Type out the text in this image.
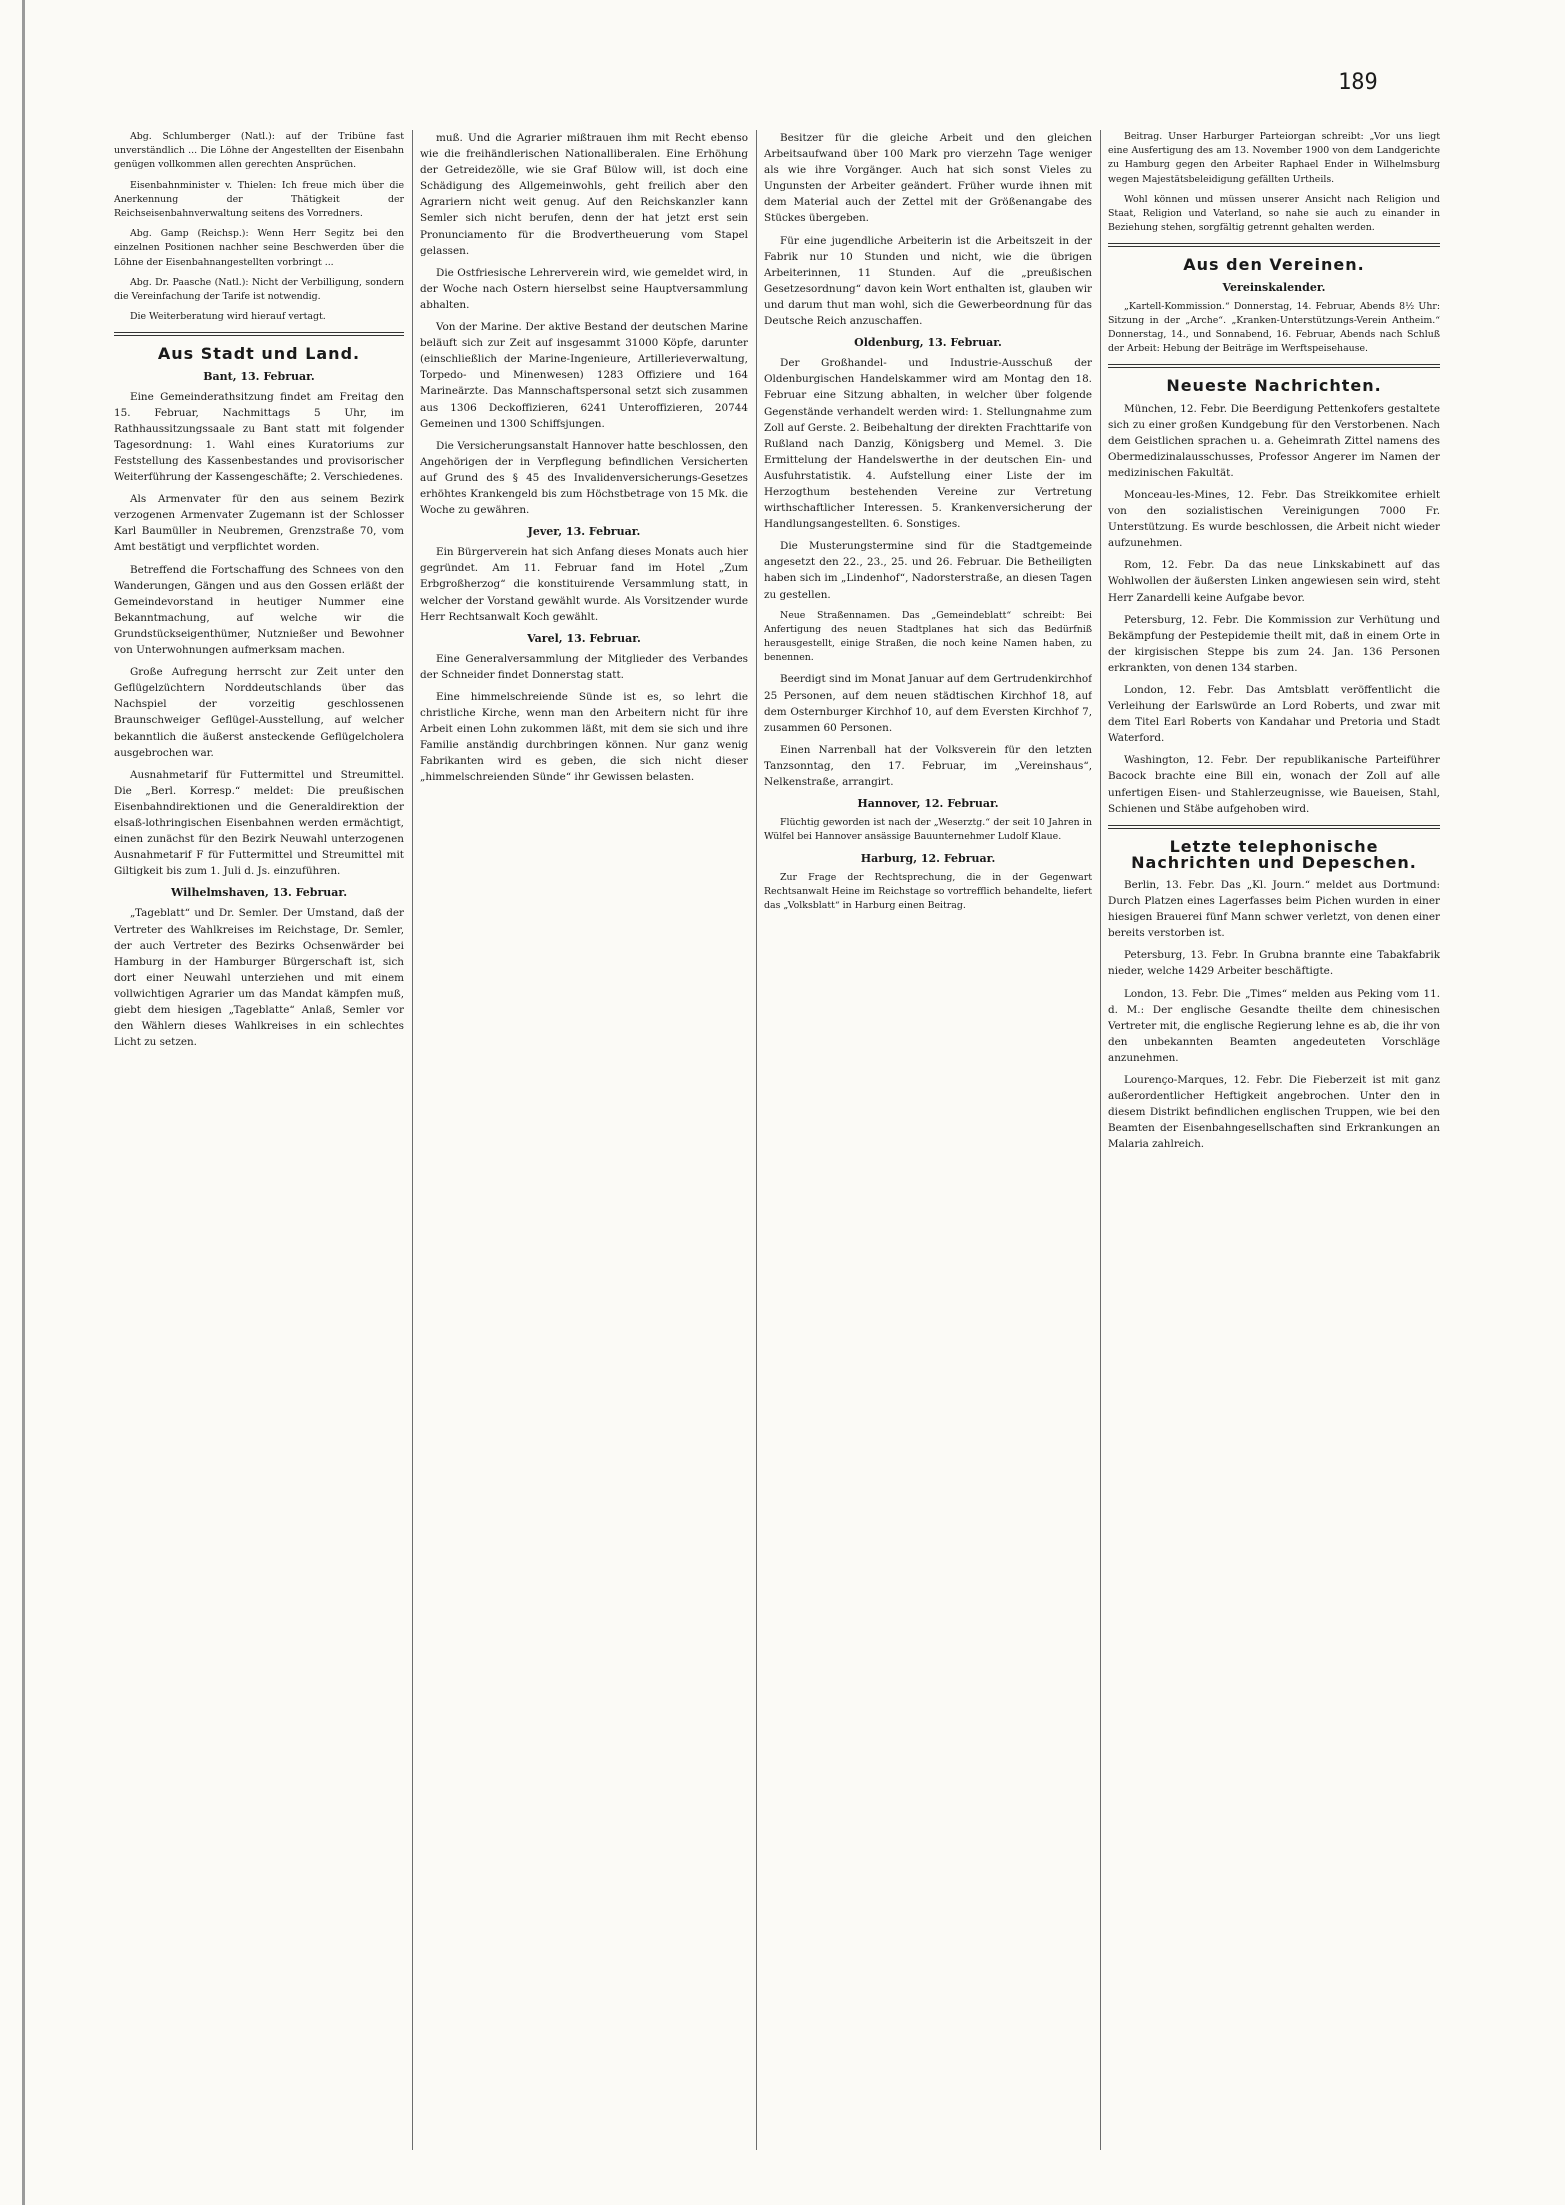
189

Abg. Schlumberger (Natl.): auf der Tribüne fast unverständlich ... Die Löhne der Angestellten der Eisenbahn genügen vollkommen allen gerechten Ansprüchen.

Eisenbahnminister v. Thielen: Ich freue mich über die Anerkennung der Thätigkeit der Reichseisenbahnverwaltung seitens des Vorredners.

Abg. Gamp (Reichsp.): Wenn Herr Segitz bei den einzelnen Positionen nachher seine Beschwerden über die Löhne der Eisenbahnangestellten vorbringt ...

Abg. Dr. Paasche (Natl.): Nicht der Verbilligung, sondern die Vereinfachung der Tarife ist notwendig.

Die Weiterberatung wird hierauf vertagt.

Aus Stadt und Land.
Bant, 13. Februar.

Eine Gemeinderathsitzung findet am Freitag den 15. Februar, Nachmittags 5 Uhr, im Rathhaussitzungssaale zu Bant statt mit folgender Tagesordnung: 1. Wahl eines Kuratoriums zur Feststellung des Kassenbestandes und provisorischer Weiterführung der Kassengeschäfte; 2. Verschiedenes.

Als Armenvater für den aus seinem Bezirk verzogenen Armenvater Zugemann ist der Schlosser Karl Baumüller in Neubremen, Grenzstraße 70, vom Amt bestätigt und verpflichtet worden.

Betreffend die Fortschaffung des Schnees von den Wanderungen, Gängen und aus den Gossen erläßt der Gemeindevorstand in heutiger Nummer eine Bekanntmachung, auf welche wir die Grundstückseigenthümer, Nutznießer und Bewohner von Unterwohnungen aufmerksam machen.

Große Aufregung herrscht zur Zeit unter den Geflügelzüchtern Norddeutschlands über das Nachspiel der vorzeitig geschlossenen Braunschweiger Geflügel-Ausstellung, auf welcher bekanntlich die äußerst ansteckende Geflügelcholera ausgebrochen war.

Ausnahmetarif für Futtermittel und Streumittel. Die „Berl. Korresp.“ meldet: Die preußischen Eisenbahndirektionen und die Generaldirektion der elsaß-lothringischen Eisenbahnen werden ermächtigt, einen zunächst für den Bezirk Neuwahl unterzogenen Ausnahmetarif F für Futtermittel und Streumittel mit Giltigkeit bis zum 1. Juli d. Js. einzuführen.

Wilhelmshaven, 13. Februar.

„Tageblatt“ und Dr. Semler. Der Umstand, daß der Vertreter des Wahlkreises im Reichstage, Dr. Semler, der auch Vertreter des Bezirks Ochsenwärder bei Hamburg in der Hamburger Bürgerschaft ist, sich dort einer Neuwahl unterziehen und mit einem vollwichtigen Agrarier um das Mandat kämpfen muß, giebt dem hiesigen „Tageblatte“ Anlaß, Semler vor den Wählern dieses Wahlkreises in ein schlechtes Licht zu setzen.

muß. Und die Agrarier mißtrauen ihm mit Recht ebenso wie die freihändlerischen Nationalliberalen. Eine Erhöhung der Getreidezölle, wie sie Graf Bülow will, ist doch eine Schädigung des Allgemeinwohls, geht freilich aber den Agrariern nicht weit genug. Auf den Reichskanzler kann Semler sich nicht berufen, denn der hat jetzt erst sein Pronunciamento für die Brodvertheuerung vom Stapel gelassen.

Die Ostfriesische Lehrerverein wird, wie gemeldet wird, in der Woche nach Ostern hierselbst seine Hauptversammlung abhalten.

Von der Marine. Der aktive Bestand der deutschen Marine beläuft sich zur Zeit auf insgesammt 31000 Köpfe, darunter (einschließlich der Marine-Ingenieure, Artillerieverwaltung, Torpedo- und Minenwesen) 1283 Offiziere und 164 Marineärzte. Das Mannschaftspersonal setzt sich zusammen aus 1306 Deckoffizieren, 6241 Unteroffizieren, 20744 Gemeinen und 1300 Schiffsjungen.

Die Versicherungsanstalt Hannover hatte beschlossen, den Angehörigen der in Verpflegung befindlichen Versicherten auf Grund des § 45 des Invalidenversicherungs-Gesetzes erhöhtes Krankengeld bis zum Höchstbetrage von 15 Mk. die Woche zu gewähren.

Jever, 13. Februar.

Ein Bürgerverein hat sich Anfang dieses Monats auch hier gegründet. Am 11. Februar fand im Hotel „Zum Erbgroßherzog“ die konstituirende Versammlung statt, in welcher der Vorstand gewählt wurde. Als Vorsitzender wurde Herr Rechtsanwalt Koch gewählt.

Varel, 13. Februar.

Eine Generalversammlung der Mitglieder des Verbandes der Schneider findet Donnerstag statt.

Eine himmelschreiende Sünde ist es, so lehrt die christliche Kirche, wenn man den Arbeitern nicht für ihre Arbeit einen Lohn zukommen läßt, mit dem sie sich und ihre Familie anständig durchbringen können. Nur ganz wenig Fabrikanten wird es geben, die sich nicht dieser „himmelschreienden Sünde“ ihr Gewissen belasten.

Besitzer für die gleiche Arbeit und den gleichen Arbeitsaufwand über 100 Mark pro vierzehn Tage weniger als wie ihre Vorgänger. Auch hat sich sonst Vieles zu Ungunsten der Arbeiter geändert. Früher wurde ihnen mit dem Material auch der Zettel mit der Größenangabe des Stückes übergeben.

Für eine jugendliche Arbeiterin ist die Arbeitszeit in der Fabrik nur 10 Stunden und nicht, wie die übrigen Arbeiterinnen, 11 Stunden. Auf die „preußischen Gesetzesordnung“ davon kein Wort enthalten ist, glauben wir und darum thut man wohl, sich die Gewerbeordnung für das Deutsche Reich anzuschaffen.

Oldenburg, 13. Februar.

Der Großhandel- und Industrie-Ausschuß der Oldenburgischen Handelskammer wird am Montag den 18. Februar eine Sitzung abhalten, in welcher über folgende Gegenstände verhandelt werden wird: 1. Stellungnahme zum Zoll auf Gerste. 2. Beibehaltung der direkten Frachttarife von Rußland nach Danzig, Königsberg und Memel. 3. Die Ermittelung der Handelswerthe in der deutschen Ein- und Ausfuhrstatistik. 4. Aufstellung einer Liste der im Herzogthum bestehenden Vereine zur Vertretung wirthschaftlicher Interessen. 5. Krankenversicherung der Handlungsangestellten. 6. Sonstiges.

Die Musterungstermine sind für die Stadtgemeinde angesetzt den 22., 23., 25. und 26. Februar. Die Betheiligten haben sich im „Lindenhof“, Nadorsterstraße, an diesen Tagen zu gestellen.

Neue Straßennamen. Das „Gemeindeblatt“ schreibt: Bei Anfertigung des neuen Stadtplanes hat sich das Bedürfniß herausgestellt, einige Straßen, die noch keine Namen haben, zu benennen.

Beerdigt sind im Monat Januar auf dem Gertrudenkirchhof 25 Personen, auf dem neuen städtischen Kirchhof 18, auf dem Osternburger Kirchhof 10, auf dem Eversten Kirchhof 7, zusammen 60 Personen.

Einen Narrenball hat der Volksverein für den letzten Tanzsonntag, den 17. Februar, im „Vereinshaus“, Nelkenstraße, arrangirt.

Hannover, 12. Februar.

Flüchtig geworden ist nach der „Weserztg.“ der seit 10 Jahren in Wülfel bei Hannover ansässige Bauunternehmer Ludolf Klaue.

Harburg, 12. Februar.

Zur Frage der Rechtsprechung, die in der Gegenwart Rechtsanwalt Heine im Reichstage so vortrefflich behandelte, liefert das „Volksblatt“ in Harburg einen Beitrag.

Beitrag. Unser Harburger Parteiorgan schreibt: „Vor uns liegt eine Ausfertigung des am 13. November 1900 von dem Landgerichte zu Hamburg gegen den Arbeiter Raphael Ender in Wilhelmsburg wegen Majestätsbeleidigung gefällten Urtheils.

Wohl können und müssen unserer Ansicht nach Religion und Staat, Religion und Vaterland, so nahe sie auch zu einander in Beziehung stehen, sorgfältig getrennt gehalten werden.

Aus den Vereinen.
Vereinskalender.

„Kartell-Kommission.“ Donnerstag, 14. Februar, Abends 8½ Uhr: Sitzung in der „Arche“. „Kranken-Unterstützungs-Verein Antheim.“ Donnerstag, 14., und Sonnabend, 16. Februar, Abends nach Schluß der Arbeit: Hebung der Beiträge im Werftspeisehause.

Neueste Nachrichten.

München, 12. Febr. Die Beerdigung Pettenkofers gestaltete sich zu einer großen Kundgebung für den Verstorbenen. Nach dem Geistlichen sprachen u. a. Geheimrath Zittel namens des Obermedizinalausschusses, Professor Angerer im Namen der medizinischen Fakultät.

Monceau-les-Mines, 12. Febr. Das Streikkomitee erhielt von den sozialistischen Vereinigungen 7000 Fr. Unterstützung. Es wurde beschlossen, die Arbeit nicht wieder aufzunehmen.

Rom, 12. Febr. Da das neue Linkskabinett auf das Wohlwollen der äußersten Linken angewiesen sein wird, steht Herr Zanardelli keine Aufgabe bevor.

Petersburg, 12. Febr. Die Kommission zur Verhütung und Bekämpfung der Pestepidemie theilt mit, daß in einem Orte in der kirgisischen Steppe bis zum 24. Jan. 136 Personen erkrankten, von denen 134 starben.

London, 12. Febr. Das Amtsblatt veröffentlicht die Verleihung der Earlswürde an Lord Roberts, und zwar mit dem Titel Earl Roberts von Kandahar und Pretoria und Stadt Waterford.

Washington, 12. Febr. Der republikanische Parteiführer Bacock brachte eine Bill ein, wonach der Zoll auf alle unfertigen Eisen- und Stahlerzeugnisse, wie Baueisen, Stahl, Schienen und Stäbe aufgehoben wird.

Letzte telephonische Nachrichten und Depeschen.

Berlin, 13. Febr. Das „Kl. Journ.“ meldet aus Dortmund: Durch Platzen eines Lagerfasses beim Pichen wurden in einer hiesigen Brauerei fünf Mann schwer verletzt, von denen einer bereits verstorben ist.

Petersburg, 13. Febr. In Grubna brannte eine Tabakfabrik nieder, welche 1429 Arbeiter beschäftigte.

London, 13. Febr. Die „Times“ melden aus Peking vom 11. d. M.: Der englische Gesandte theilte dem chinesischen Vertreter mit, die englische Regierung lehne es ab, die ihr von den unbekannten Beamten angedeuteten Vorschläge anzunehmen.

Lourenço-Marques, 12. Febr. Die Fieberzeit ist mit ganz außerordentlicher Heftigkeit angebrochen. Unter den in diesem Distrikt befindlichen englischen Truppen, wie bei den Beamten der Eisenbahngesellschaften sind Erkrankungen an Malaria zahlreich.
